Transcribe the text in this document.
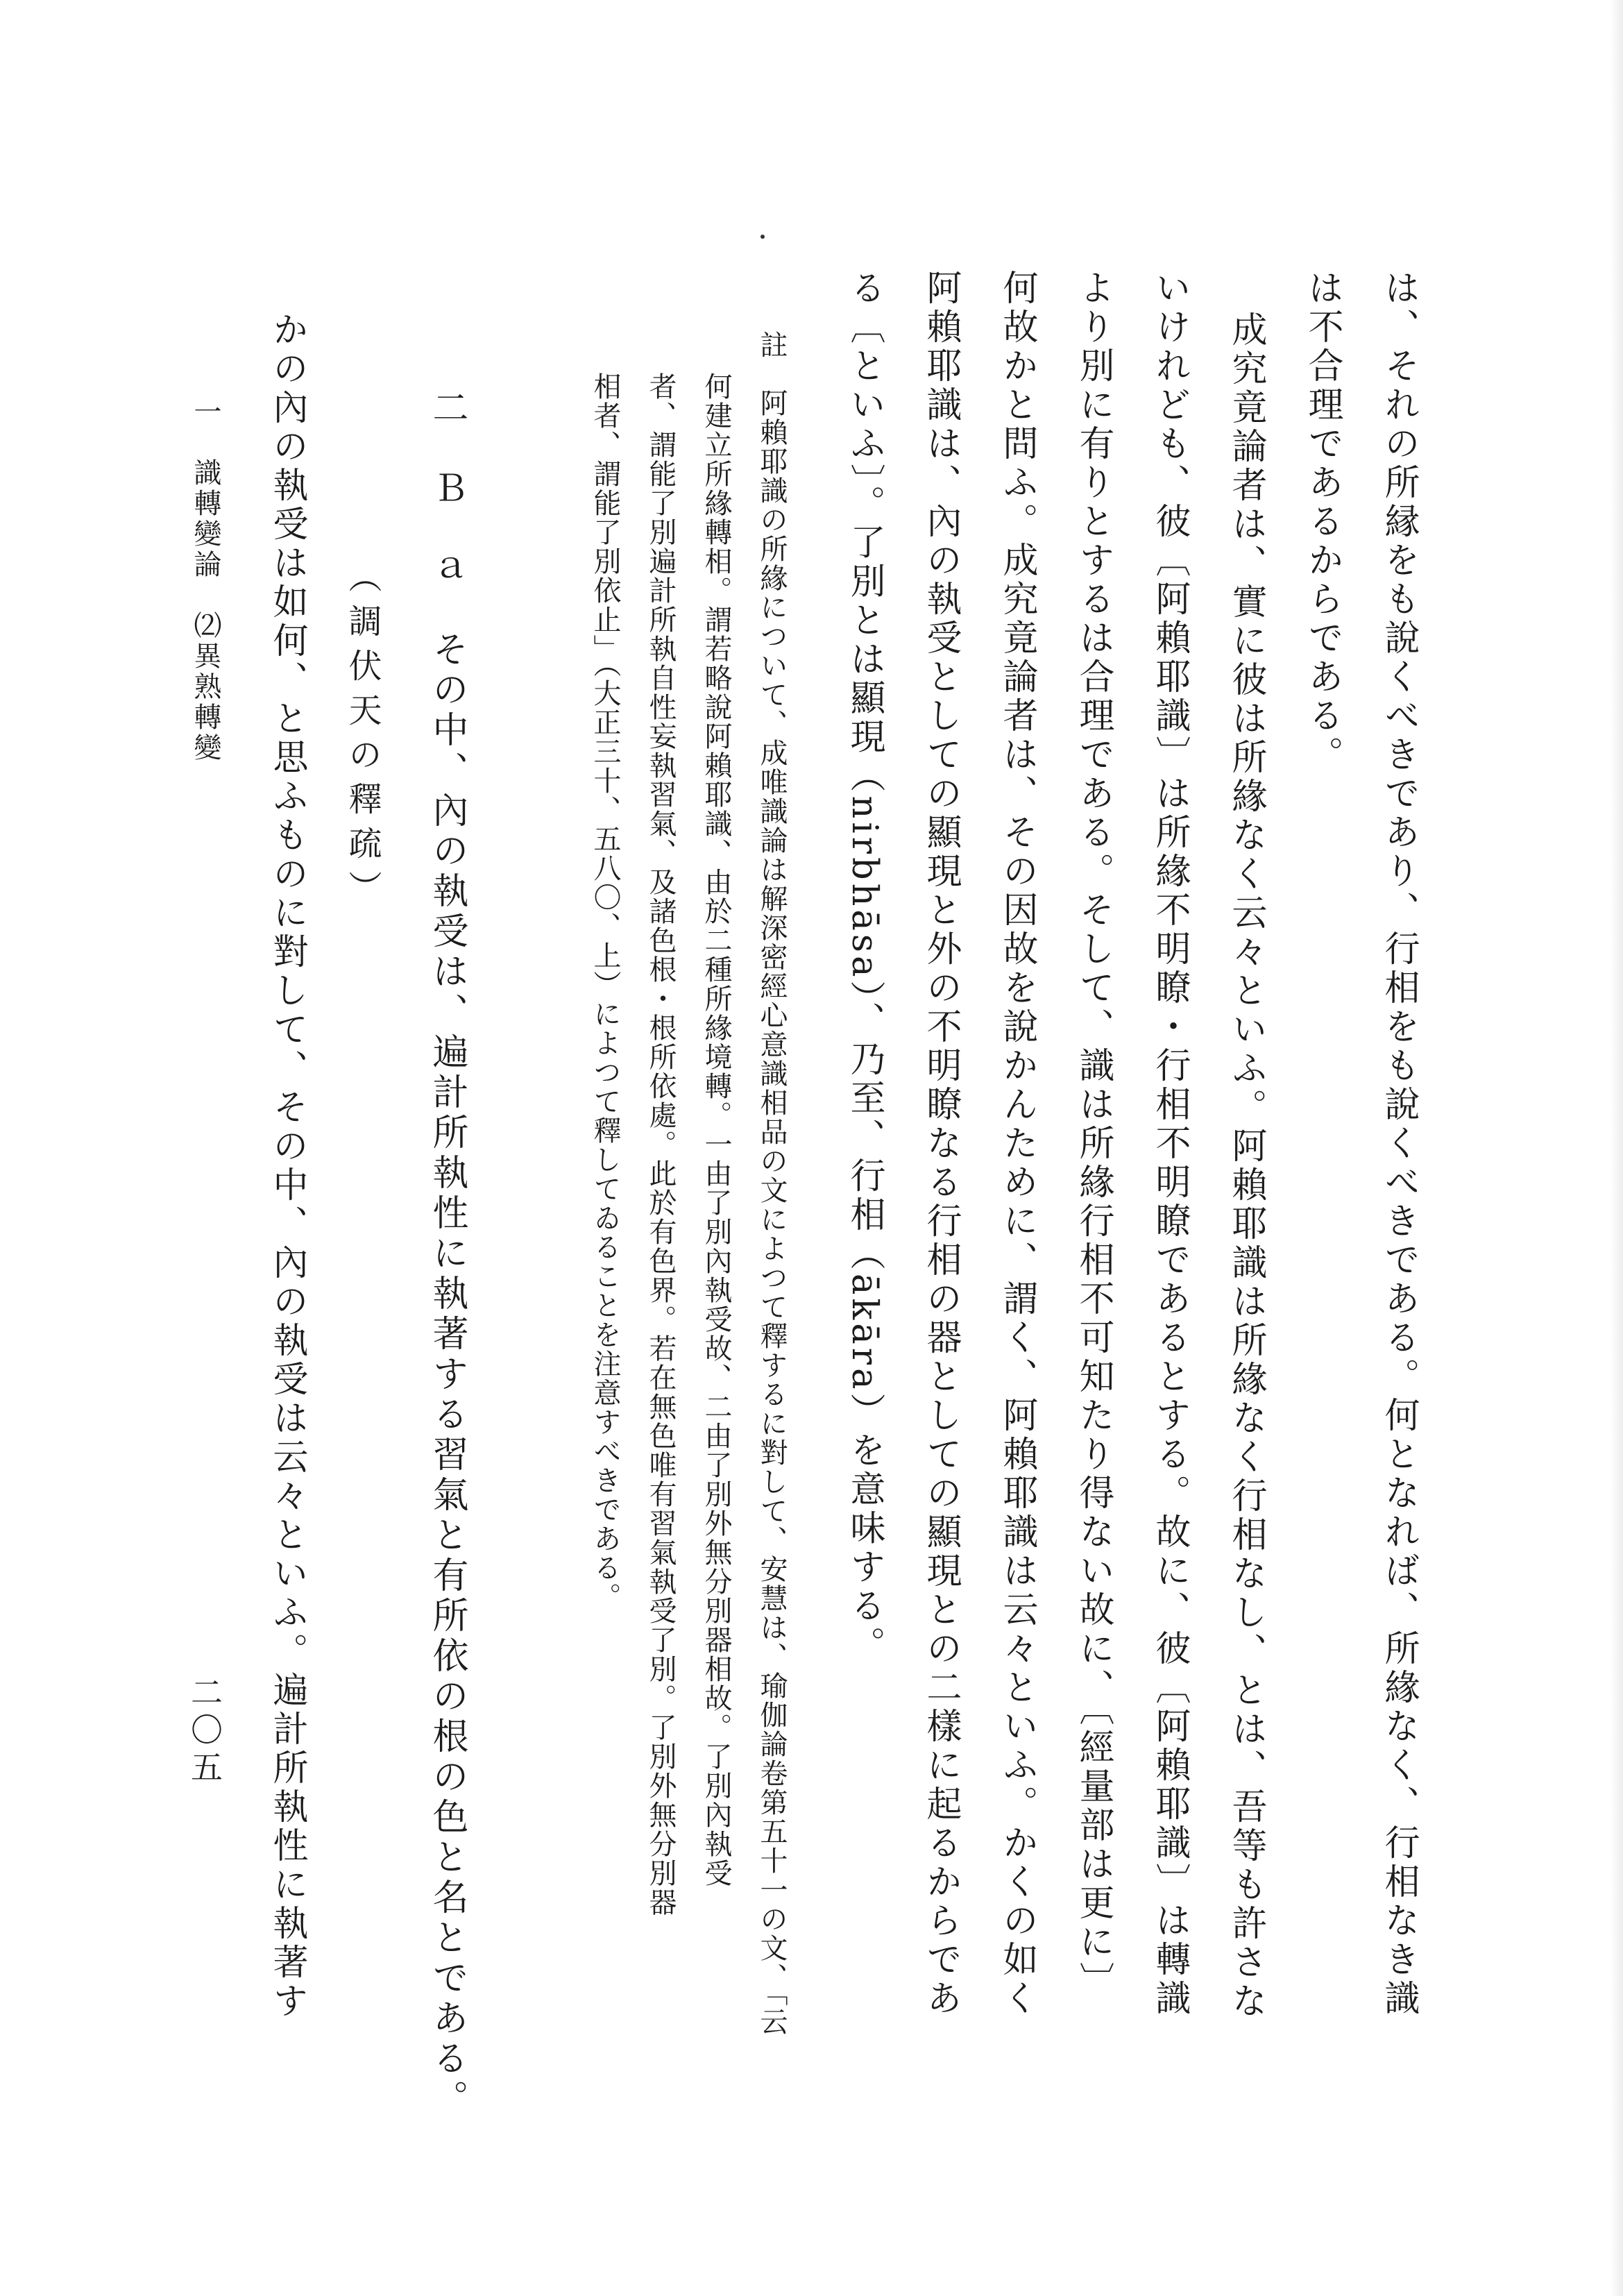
は、それの所縁をも說くべきであり、行相をも說くべきである。何となれば、所緣なく、行相なき識
は不合理であるからである。
成究竟論者は、實に彼は所緣なく云々といふ。阿賴耶識は所緣なく行相なし、とは、吾等も許さな
いけれども、彼〔阿賴耶識〕は所緣不明瞭・行相不明瞭であるとする。故に、彼〔阿賴耶識〕は轉識
より別に有りとするは合理である。そして、識は所緣行相不可知たり得ない故に、〔經量部は更に〕
何故かと問ふ。成究竟論者は、その因故を說かんために、謂く、阿賴耶識は云々といふ。かくの如く
阿賴耶識は、內の執受としての顯現と外の不明瞭なる行相の器としての顯現との二樣に起るからであ
る〔といふ〕。了別とは顯現（nirbhāsa）、乃至、行相（ākāra）を意味する。
註　阿賴耶識の所緣について、成唯識論は解深密經心意識相品の文によつて釋するに對して、安慧は、瑜伽論卷第五十一の文、「云
何建立所緣轉相。謂若略說阿賴耶識、由於二種所緣境轉。一由了別內執受故、二由了別外無分別器相故。了別內執受
者、謂能了別遍計所執自性妄執習氣、及諸色根・根所依處。此於有色界。若在無色唯有習氣執受了別。了別外無分別器
相者、謂能了別依止」（大正三十、五八〇、上）によつて釋してゐることを注意すべきである。
二　Ｂ　ａ　その中、內の執受は、遍計所執性に執著する習氣と有所依の根の色と名とである。
（調伏天の釋疏）
かの內の執受は如何、と思ふものに對して、その中、內の執受は云々といふ。遍計所執性に執著す
一　識轉變論　⑵異熟轉變
二〇五
